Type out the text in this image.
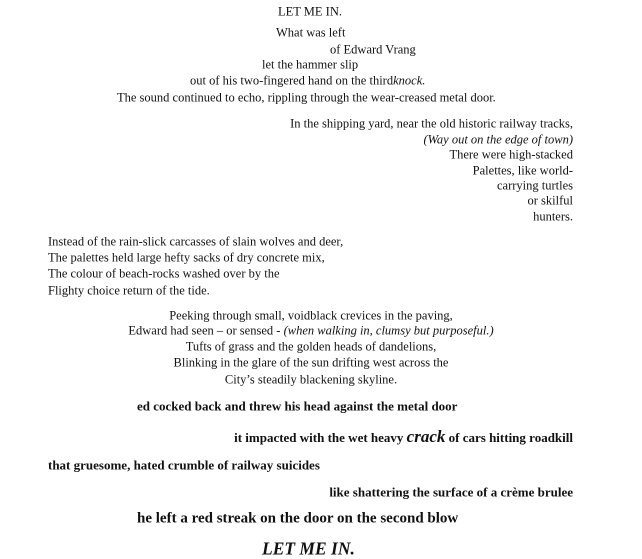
LET ME IN.
What was left
of Edward Vrang
let the hammer slip
out of his two-fingered hand on the thirdknock.
The sound continued to echo, rippling through the wear-creased metal door.
In the shipping yard, near the old historic railway tracks,
(Way out on the edge of town)
There were high-stacked
Palettes, like world-
carrying turtles
or skilful
hunters.
Instead of the rain-slick carcasses of slain wolves and deer,
The palettes held large hefty sacks of dry concrete mix,
The colour of beach-rocks washed over by the
Flighty choice return of the tide.
Peeking through small, voidblack crevices in the paving,
Edward had seen – or sensed - (when walking in, clumsy but purposeful.)
Tufts of grass and the golden heads of dandelions,
Blinking in the glare of the sun drifting west across the
City’s steadily blackening skyline.
ed cocked back and threw his head against the metal door
it impacted with the wet heavy crack of cars hitting roadkill
that gruesome, hated crumble of railway suicides
like shattering the surface of a crème brulee
he left a red streak on the door on the second blow
LET ME IN.
